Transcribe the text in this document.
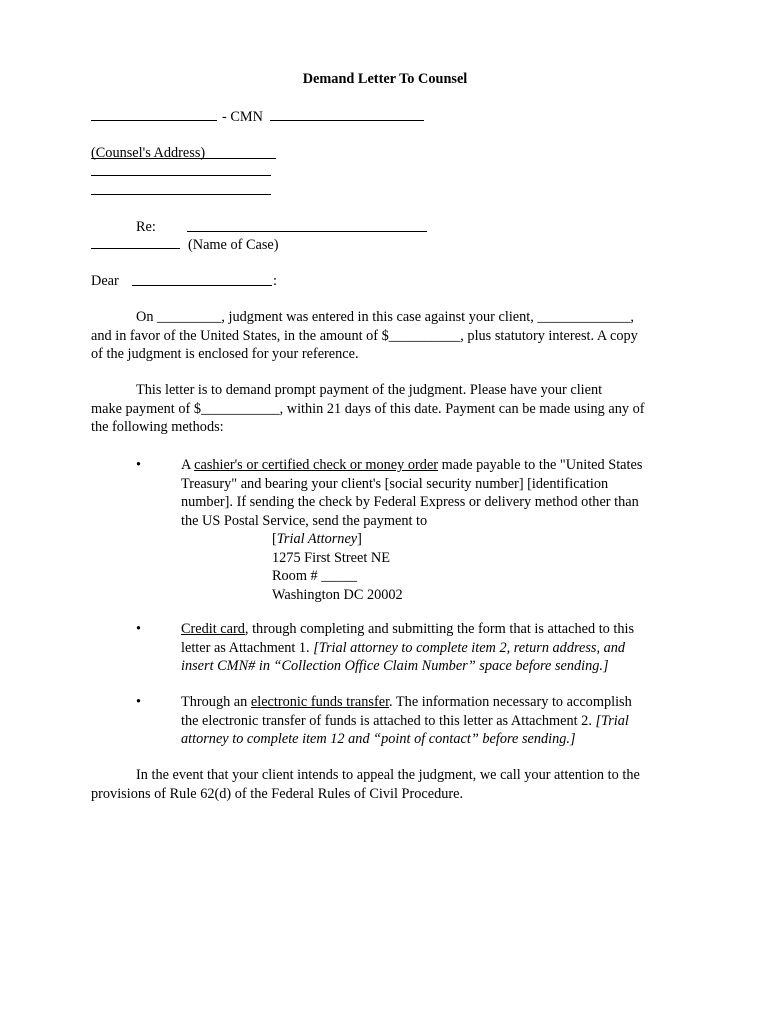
Demand Letter To Counsel
- CMN
(Counsel's Address)
Re:
(Name of Case)
Dear	:
On _________, judgment was entered in this case against your client, _____________,
and in favor of the United States, in the amount of $__________, plus statutory interest. A copy
of the judgment is enclosed for your reference.
This letter is to demand prompt payment of the judgment. Please have your client
make payment of $___________, within 21 days of this date. Payment can be made using any of
the following methods:
•	A cashier's or certified check or money order made payable to the "United States
Treasury" and bearing your client's [social security number] [identification
number]. If sending the check by Federal Express or delivery method other than
the US Postal Service, send the payment to
[Trial Attorney]
1275 First Street NE
Room # _____
Washington DC 20002
•	Credit card, through completing and submitting the form that is attached to this
letter as Attachment 1. [Trial attorney to complete item 2, return address, and
insert CMN# in “Collection Office Claim Number” space before sending.]
•	Through an electronic funds transfer. The information necessary to accomplish
the electronic transfer of funds is attached to this letter as Attachment 2. [Trial
attorney to complete item 12 and “point of contact” before sending.]
In the event that your client intends to appeal the judgment, we call your attention to the
provisions of Rule 62(d) of the Federal Rules of Civil Procedure.
